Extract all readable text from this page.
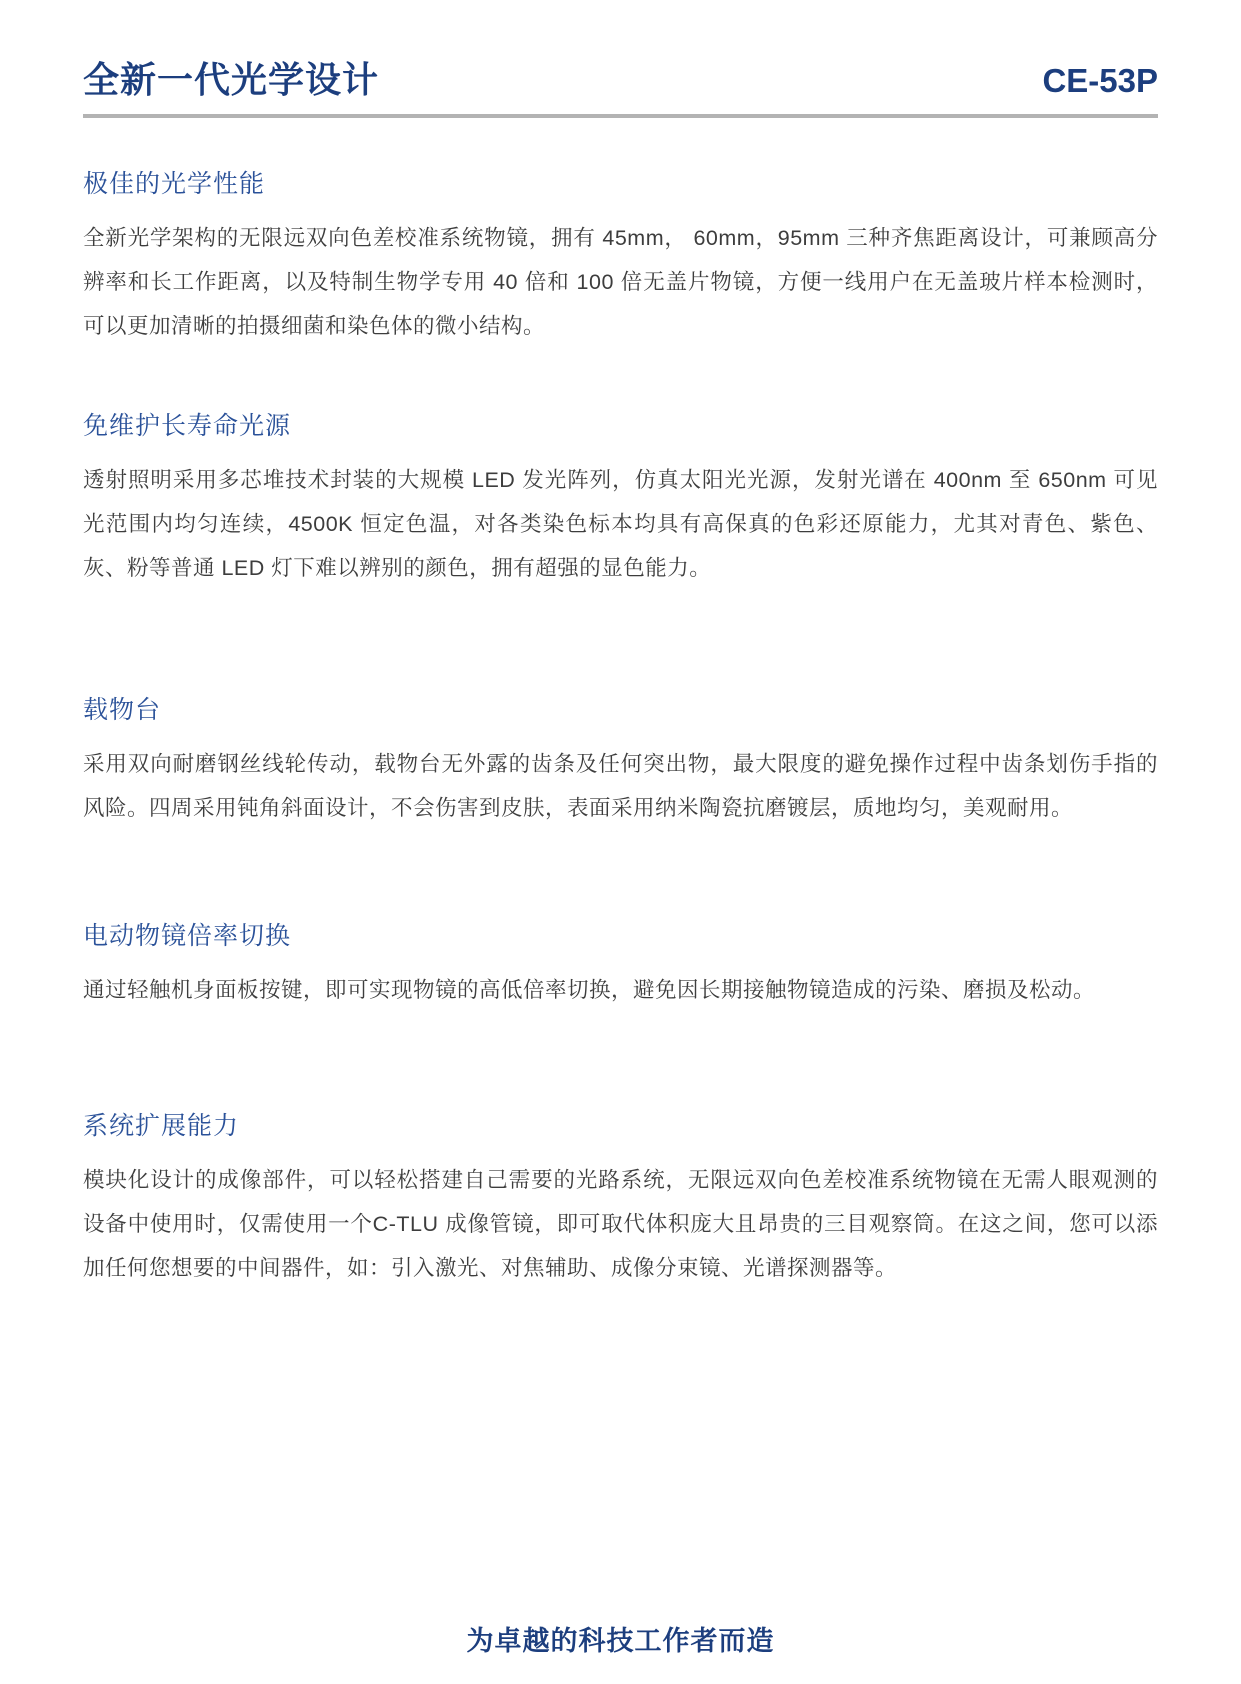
全新一代光学设计	CE-53P
极佳的光学性能

全新光学架构的无限远双向色差校准系统物镜，拥有 45mm， 60mm，95mm 三种齐焦距离设计，可兼顾高分辨率和长工作距离，以及特制生物学专用 40 倍和 100 倍无盖片物镜，方便一线用户在无盖玻片样本检测时，可以更加清晰的拍摄细菌和染色体的微小结构。

免维护长寿命光源

透射照明采用多芯堆技术封装的大规模 LED 发光阵列，仿真太阳光光源，发射光谱在 400nm 至 650nm 可见光范围内均匀连续，4500K 恒定色温，对各类染色标本均具有高保真的色彩还原能力，尤其对青色、紫色、灰、粉等普通 LED 灯下难以辨别的颜色，拥有超强的显色能力。

载物台

采用双向耐磨钢丝线轮传动，载物台无外露的齿条及任何突出物，最大限度的避免操作过程中齿条划伤手指的风险。四周采用钝角斜面设计，不会伤害到皮肤，表面采用纳米陶瓷抗磨镀层，质地均匀，美观耐用。

电动物镜倍率切换

通过轻触机身面板按键，即可实现物镜的高低倍率切换，避免因长期接触物镜造成的污染、磨损及松动。

系统扩展能力

模块化设计的成像部件，可以轻松搭建自己需要的光路系统，无限远双向色差校准系统物镜在无需人眼观测的设备中使用时，仅需使用一个C-TLU 成像管镜，即可取代体积庞大且昂贵的三目观察筒。在这之间，您可以添加任何您想要的中间器件，如：引入激光、对焦辅助、成像分束镜、光谱探测器等。

为卓越的科技工作者而造
